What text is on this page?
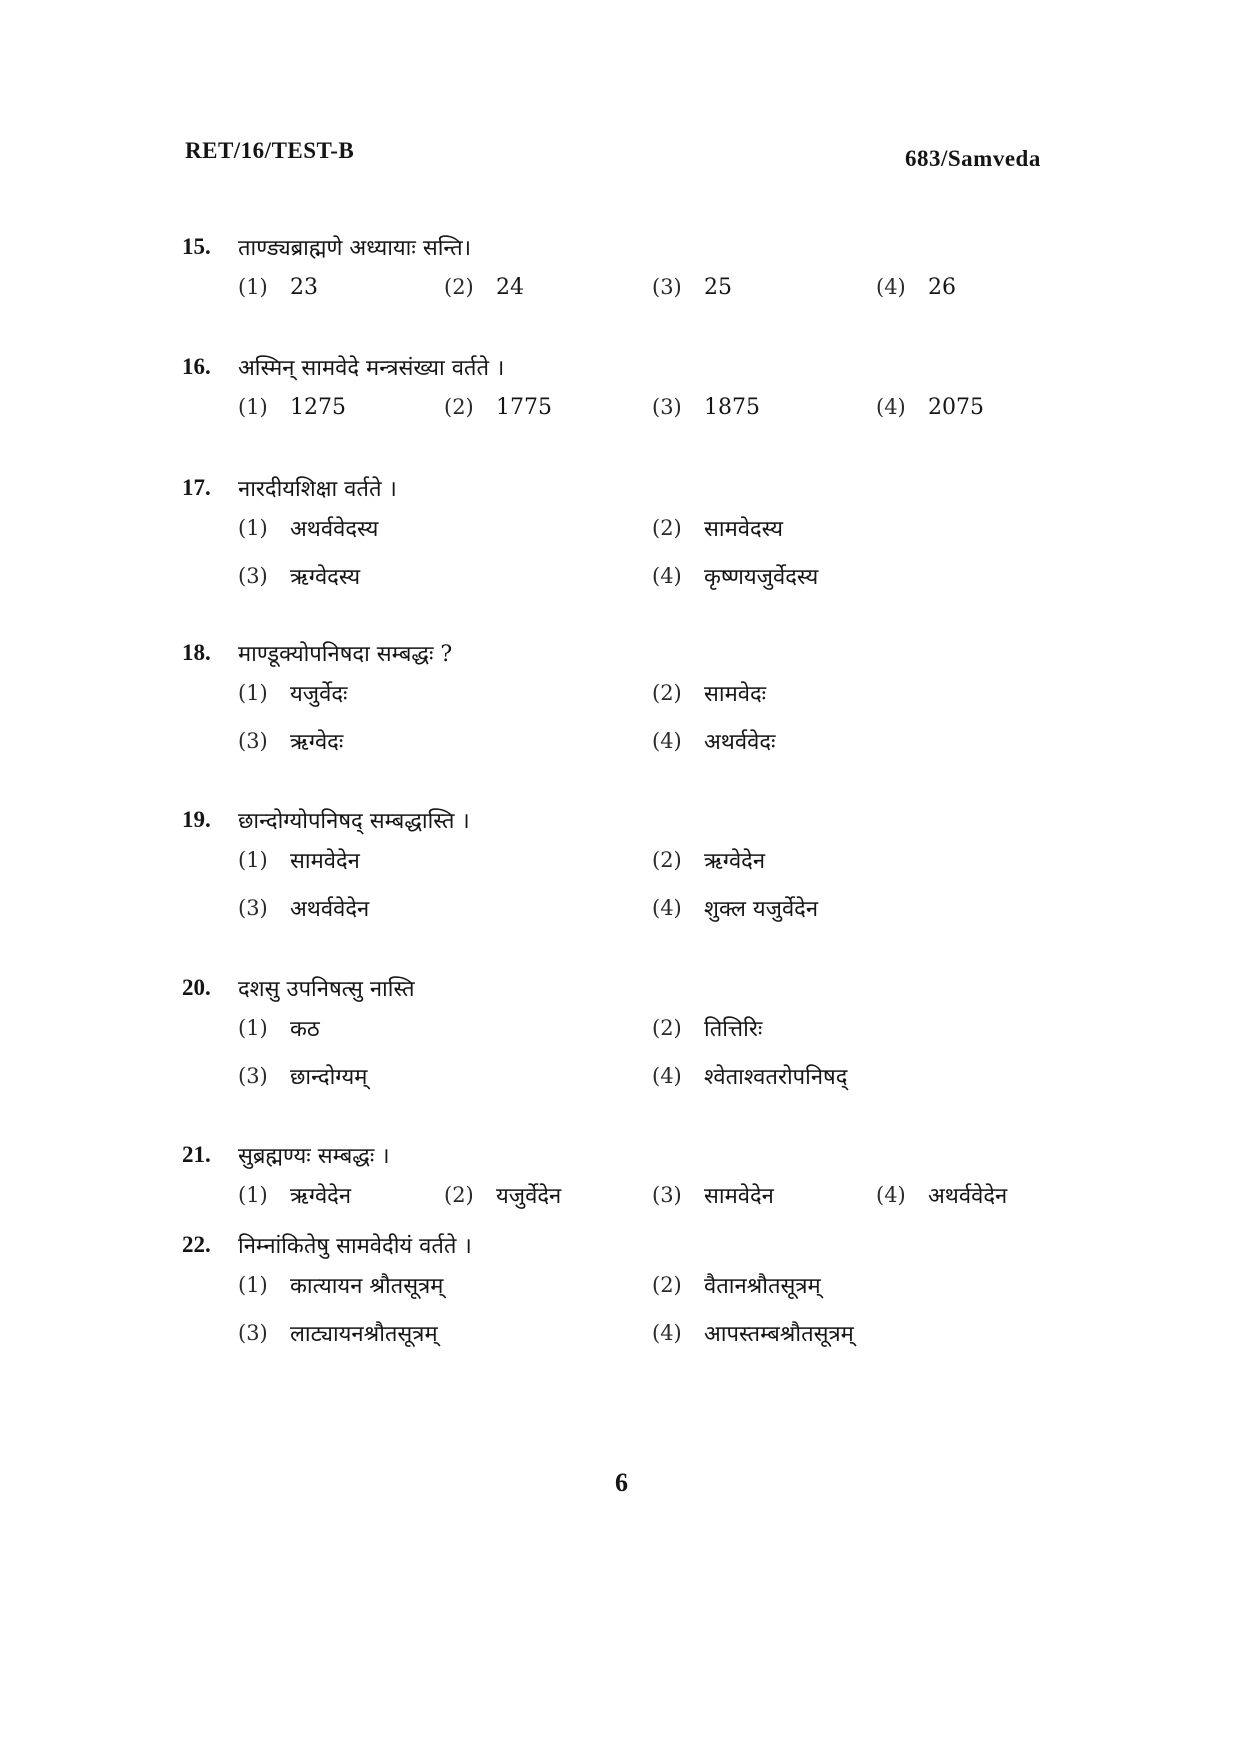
RET/16/TEST-B	683/Samveda
15.	ताण्ड्यब्राह्मणे अध्यायाः सन्ति।
(1)	23	(2)	24	(3)	25	(4)	26
16.	अस्मिन् सामवेदे मन्त्रसंख्या वर्तते ।
(1)	1275	(2)	1775	(3)	1875	(4)	2075
17.	नारदीयशिक्षा वर्तते ।
(1)	अथर्ववेदस्य	(2)	सामवेदस्य
(3)	ऋग्वेदस्य	(4)	कृष्णयजुर्वेदस्य
18.	माण्डूक्योपनिषदा सम्बद्धः ?
(1)	यजुर्वेदः	(2)	सामवेदः
(3)	ऋग्वेदः	(4)	अथर्ववेदः
19.	छान्दोग्योपनिषद् सम्बद्धास्ति ।
(1)	सामवेदेन	(2)	ऋग्वेदेन
(3)	अथर्ववेदेन	(4)	शुक्ल यजुर्वेदेन
20.	दशसु उपनिषत्सु नास्ति
(1)	कठ	(2)	तित्तिरिः
(3)	छान्दोग्यम्	(4)	श्वेताश्वतरोपनिषद्
21.	सुब्रह्मण्यः सम्बद्धः ।
(1)	ऋग्वेदेन	(2)	यजुर्वेदेन	(3)	सामवेदेन	(4)	अथर्ववेदेन
22.	निम्नांकितेषु सामवेदीयं वर्तते ।
(1)	कात्यायन श्रौतसूत्रम्	(2)	वैतानश्रौतसूत्रम्
(3)	लाट्यायनश्रौतसूत्रम्	(4)	आपस्तम्बश्रौतसूत्रम्
6
